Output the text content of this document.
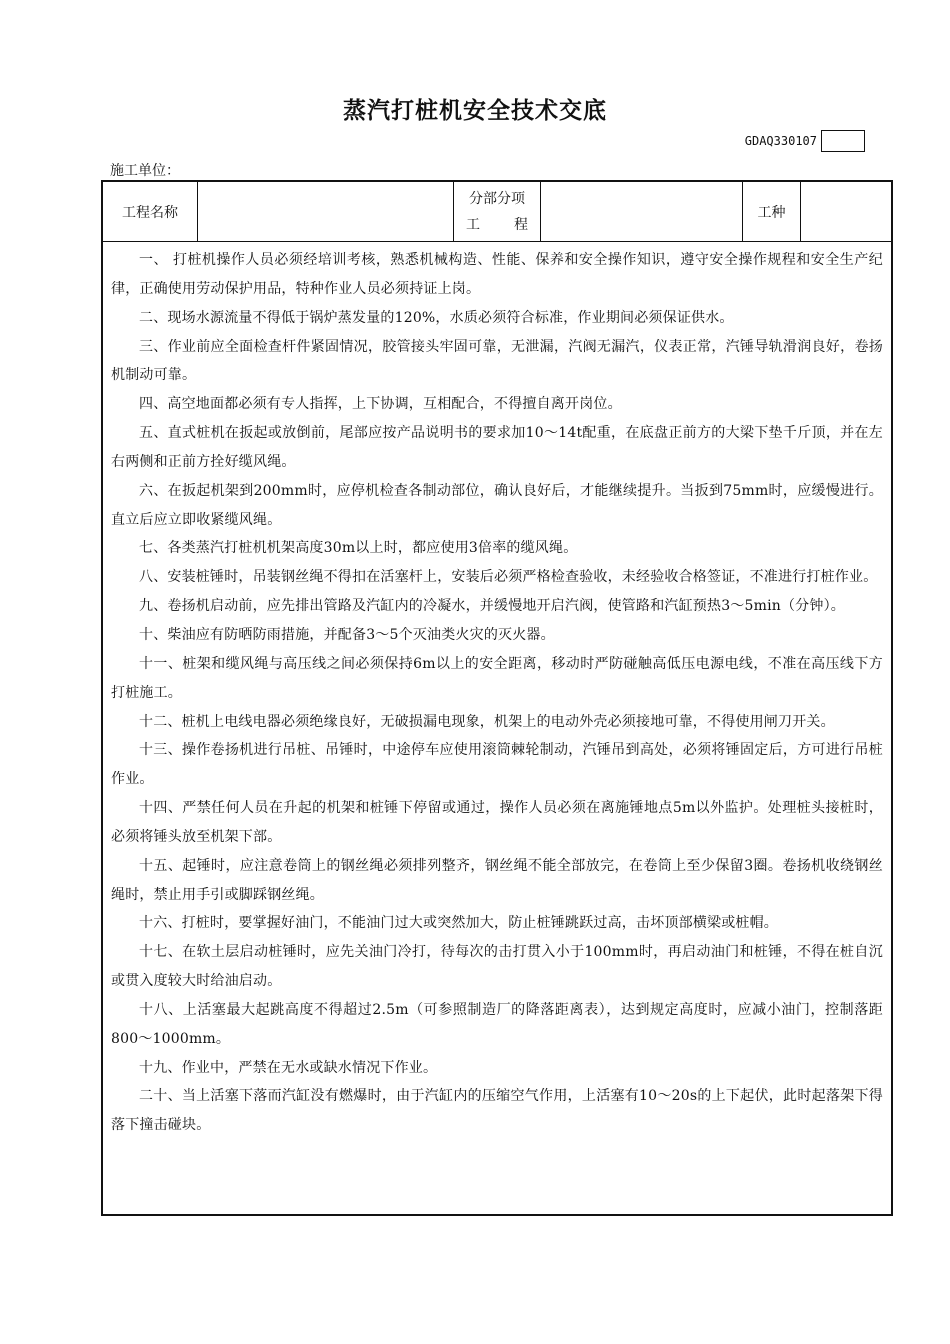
蒸汽打桩机安全技术交底
GDAQ330107
施工单位：
工程名称
分部分项
工 程
工种

一、 打桩机操作人员必须经培训考核，熟悉机械构造、性能、保养和安全操作知识，遵守安全操作规程和安全生产纪律，正确使用劳动保护用品，特种作业人员必须持证上岗。

二、现场水源流量不得低于锅炉蒸发量的120%，水质必须符合标准，作业期间必须保证供水。

三、作业前应全面检查杆件紧固情况，胶管接头牢固可靠，无泄漏，汽阀无漏汽，仪表正常，汽锤导轨滑润良好，卷扬机制动可靠。

四、高空地面都必须有专人指挥，上下协调，互相配合，不得擅自离开岗位。

五、直式桩机在扳起或放倒前，尾部应按产品说明书的要求加10～14t配重，在底盘正前方的大梁下垫千斤顶，并在左右两侧和正前方拴好缆风绳。

六、在扳起机架到200mm时，应停机检查各制动部位，确认良好后，才能继续提升。当扳到75mm时，应缓慢进行。直立后应立即收紧缆风绳。

七、各类蒸汽打桩机机架高度30m以上时，都应使用3倍率的缆风绳。

八、安装桩锤时，吊装钢丝绳不得扣在活塞杆上，安装后必须严格检查验收，未经验收合格签证，不准进行打桩作业。

九、卷扬机启动前，应先排出管路及汽缸内的冷凝水，并缓慢地开启汽阀，使管路和汽缸预热3～5min（分钟）。

十、柴油应有防晒防雨措施，并配备3～5个灭油类火灾的灭火器。

十一、桩架和缆风绳与高压线之间必须保持6m以上的安全距离，移动时严防碰触高低压电源电线，不准在高压线下方打桩施工。

十二、桩机上电线电器必须绝缘良好，无破损漏电现象，机架上的电动外壳必须接地可靠，不得使用闸刀开关。

十三、操作卷扬机进行吊桩、吊锤时，中途停车应使用滚筒棘轮制动，汽锤吊到高处，必须将锤固定后，方可进行吊桩作业。

十四、严禁任何人员在升起的机架和桩锤下停留或通过，操作人员必须在离施锤地点5m以外监护。处理桩头接桩时，必须将锤头放至机架下部。

十五、起锤时，应注意卷筒上的钢丝绳必须排列整齐，钢丝绳不能全部放完，在卷筒上至少保留3圈。卷扬机收绕钢丝绳时，禁止用手引或脚踩钢丝绳。

十六、打桩时，要掌握好油门，不能油门过大或突然加大，防止桩锤跳跃过高，击坏顶部横梁或桩帽。

十七、在软土层启动桩锤时，应先关油门冷打，待每次的击打贯入小于100mm时，再启动油门和桩锤，不得在桩自沉或贯入度较大时给油启动。

十八、上活塞最大起跳高度不得超过2.5m（可参照制造厂的降落距离表），达到规定高度时，应减小油门，控制落距800～1000mm。

十九、作业中，严禁在无水或缺水情况下作业。

二十、当上活塞下落而汽缸没有燃爆时，由于汽缸内的压缩空气作用，上活塞有10～20s的上下起伏，此时起落架下得落下撞击碰块。
